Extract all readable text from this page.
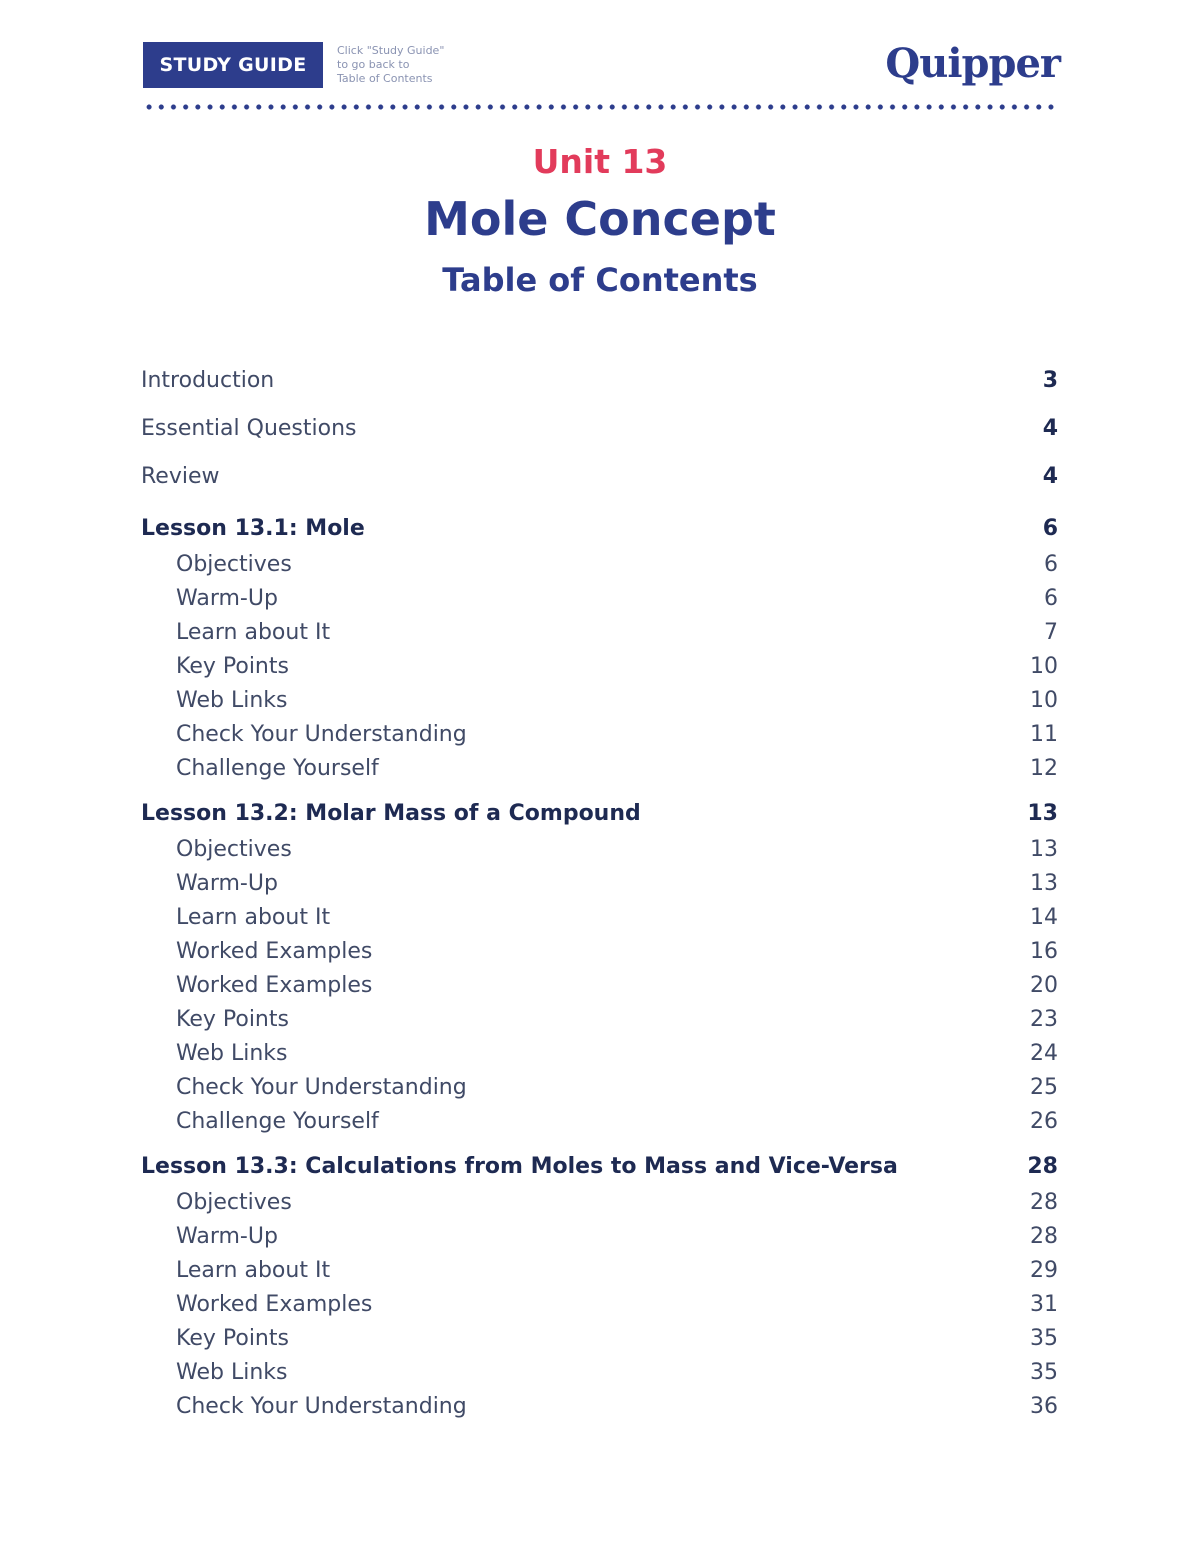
STUDY GUIDE
Click "Study Guide"
to go back to
Table of Contents	Quipper
Unit 13
Mole Concept
Table of Contents
Introduction	3
Essential Questions	4
Review	4
Lesson 13.1: Mole	6
Objectives	6
Warm-Up	6
Learn about It	7
Key Points	10
Web Links	10
Check Your Understanding	11
Challenge Yourself	12
Lesson 13.2: Molar Mass of a Compound	13
Objectives	13
Warm-Up	13
Learn about It	14
Worked Examples	16
Worked Examples	20
Key Points	23
Web Links	24
Check Your Understanding	25
Challenge Yourself	26
Lesson 13.3: Calculations from Moles to Mass and Vice-Versa	28
Objectives	28
Warm-Up	28
Learn about It	29
Worked Examples	31
Key Points	35
Web Links	35
Check Your Understanding	36
